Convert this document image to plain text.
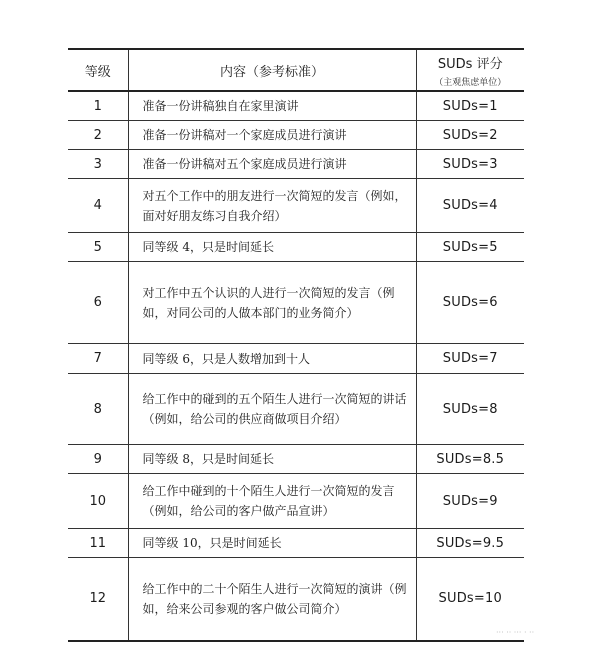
等级	内容（参考标准）	SUDs 评分
（主观焦虑单位）

1	准备一份讲稿独自在家里演讲	SUDs=1
2	准备一份讲稿对一个家庭成员进行演讲	SUDs=2
3	准备一份讲稿对五个家庭成员进行演讲	SUDs=3
4	对五个工作中的朋友进行一次简短的发言（例如，面对好朋友练习自我介绍）	SUDs=4
5	同等级 4，只是时间延长	SUDs=5
6	对工作中五个认识的人进行一次简短的发言（例如，对同公司的人做本部门的业务简介）	SUDs=6
7	同等级 6，只是人数增加到十人	SUDs=7
8	给工作中的碰到的五个陌生人进行一次简短的讲话（例如，给公司的供应商做项目介绍）	SUDs=8
9	同等级 8，只是时间延长	SUDs=8.5
10	给工作中碰到的十个陌生人进行一次简短的发言（例如，给公司的客户做产品宣讲）	SUDs=9
11	同等级 10，只是时间延长	SUDs=9.5
12	给工作中的二十个陌生人进行一次简短的演讲（例如，给来公司参观的客户做公司简介）	SUDs=10
··· ·· ··· · ··
